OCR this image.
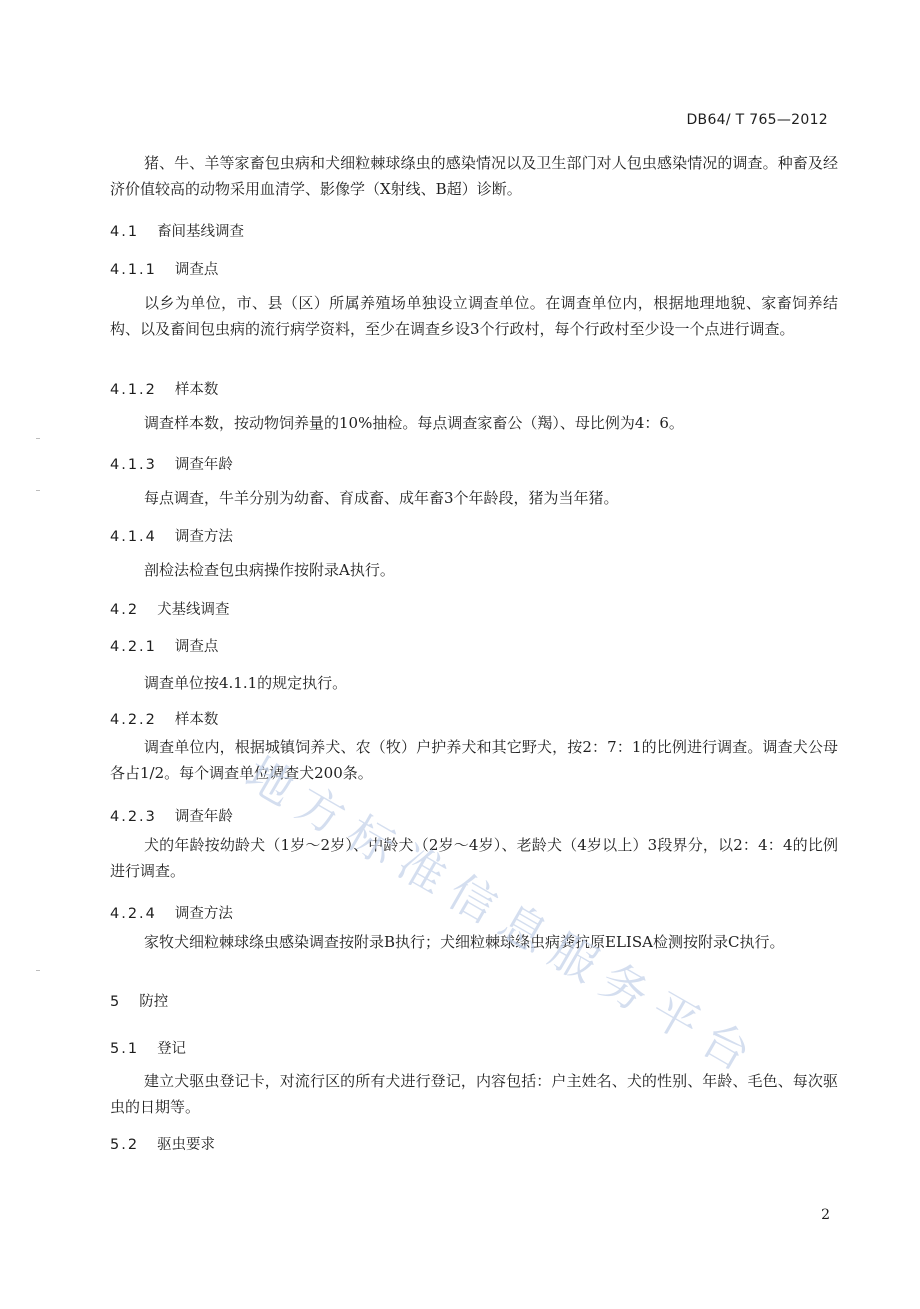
DB64/ T 765—2012

猪、牛、羊等家畜包虫病和犬细粒棘球绦虫的感染情况以及卫生部门对人包虫感染情况的调查。种畜及经济价值较高的动物采用血清学、影像学（X射线、B超）诊断。

4.1 畜间基线调查
4.1.1 调查点

以乡为单位，市、县（区）所属养殖场单独设立调查单位。在调查单位内，根据地理地貌、家畜饲养结构、以及畜间包虫病的流行病学资料，至少在调查乡设3个行政村，每个行政村至少设一个点进行调查。

4.1.2 样本数

调查样本数，按动物饲养量的10%抽检。每点调查家畜公（羯）、母比例为4：6。

4.1.3 调查年龄

每点调查，牛羊分别为幼畜、育成畜、成年畜3个年龄段，猪为当年猪。

4.1.4 调查方法

剖检法检查包虫病操作按附录A执行。

4.2 犬基线调查
4.2.1 调查点

调查单位按4.1.1的规定执行。

4.2.2 样本数

调查单位内，根据城镇饲养犬、农（牧）户护养犬和其它野犬，按2：7：1的比例进行调查。调查犬公母各占1/2。每个调查单位调查犬200条。

4.2.3 调查年龄

犬的年龄按幼龄犬（1岁～2岁）、中龄犬（2岁～4岁）、老龄犬（4岁以上）3段界分，以2：4：4的比例进行调查。

4.2.4 调查方法

家牧犬细粒棘球绦虫感染调查按附录B执行；犬细粒棘球绦虫病粪抗原ELISA检测按附录C执行。

5 防控
5.1 登记

建立犬驱虫登记卡，对流行区的所有犬进行登记，内容包括：户主姓名、犬的性别、年龄、毛色、每次驱虫的日期等。

5.2 驱虫要求
地
方
标
准
信
息
服
务
平
台
2
